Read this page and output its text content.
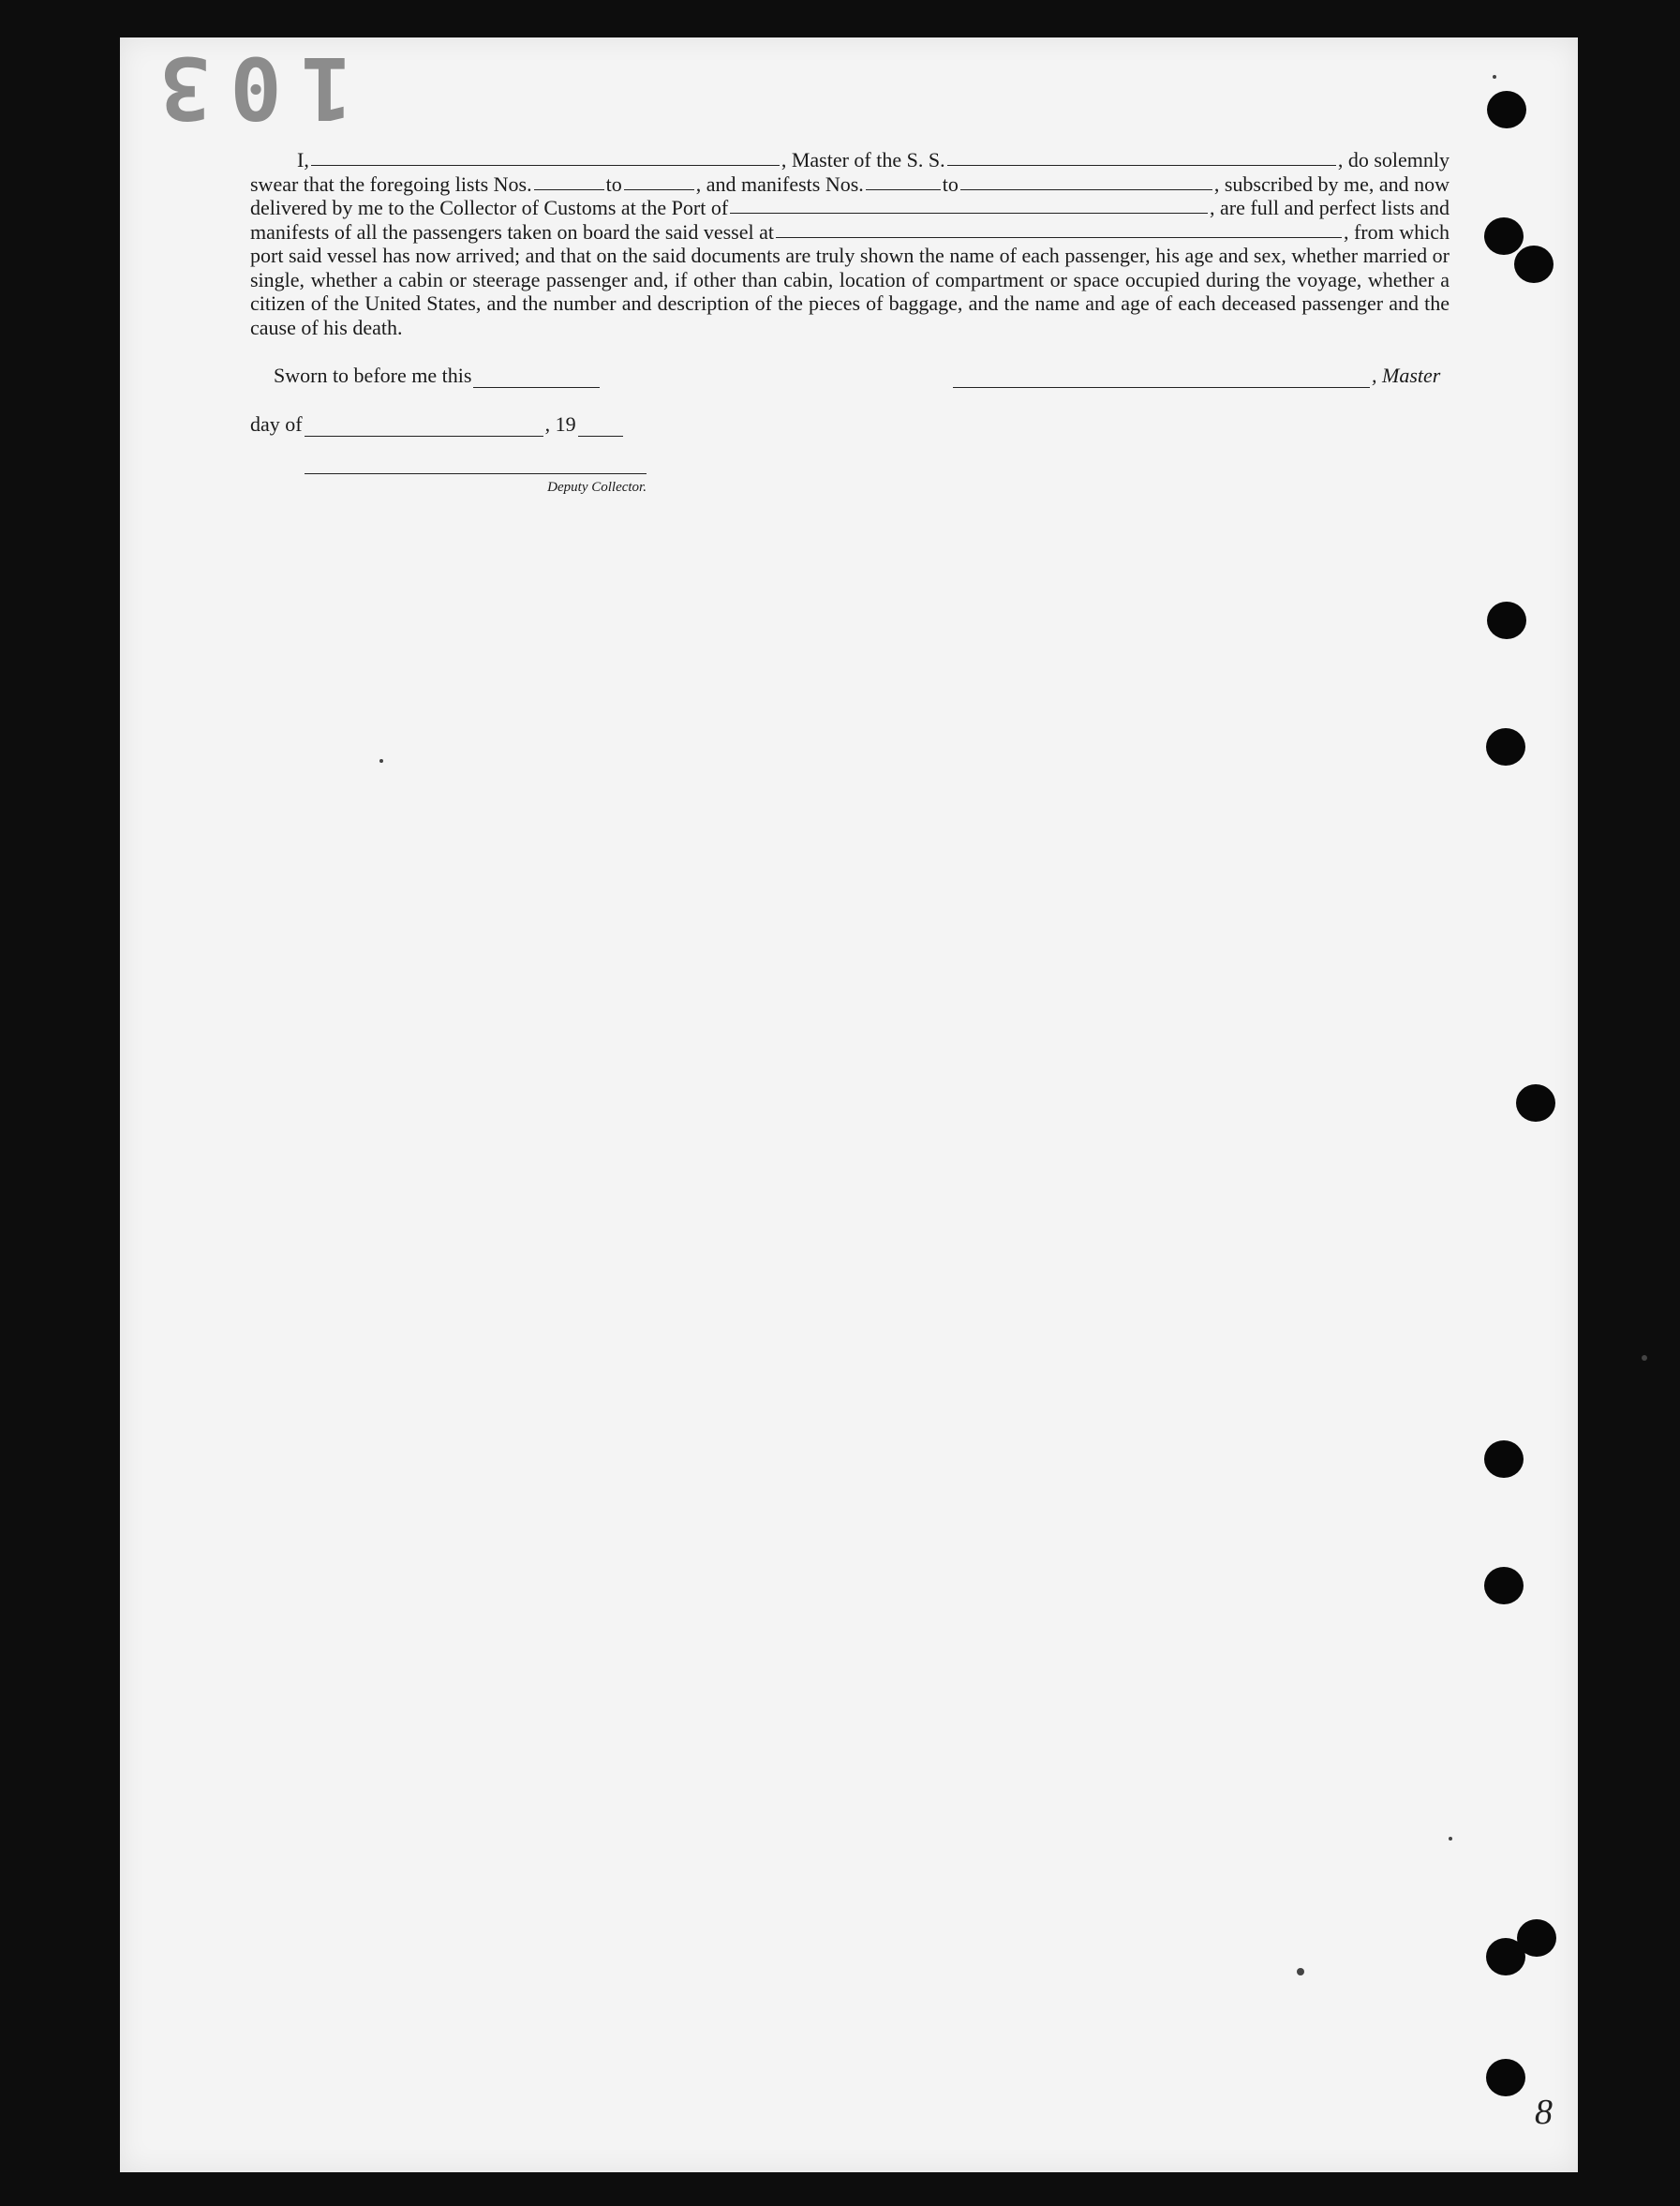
103
I,	, Master of the S. S.	, do solemnly
swear that the foregoing lists Nos.	to	, and manifests Nos.	to	, subscribed by me, and now
delivered by me to the Collector of Customs at the Port of	, are full and perfect lists and
manifests of all the passengers taken on board the said vessel at	, from which
port said vessel has now arrived; and that on the said documents are truly shown the name of each passenger, his age and sex, whether married or single, whether a cabin or steerage passenger and, if other than cabin, location of compartment or space occupied during the voyage, whether a citizen of the United States, and the number and description of the pieces of baggage, and the name and age of each deceased passenger and the cause of his death.
Sworn to before me this	, Master
day of	, 19
Deputy Collector.
8
